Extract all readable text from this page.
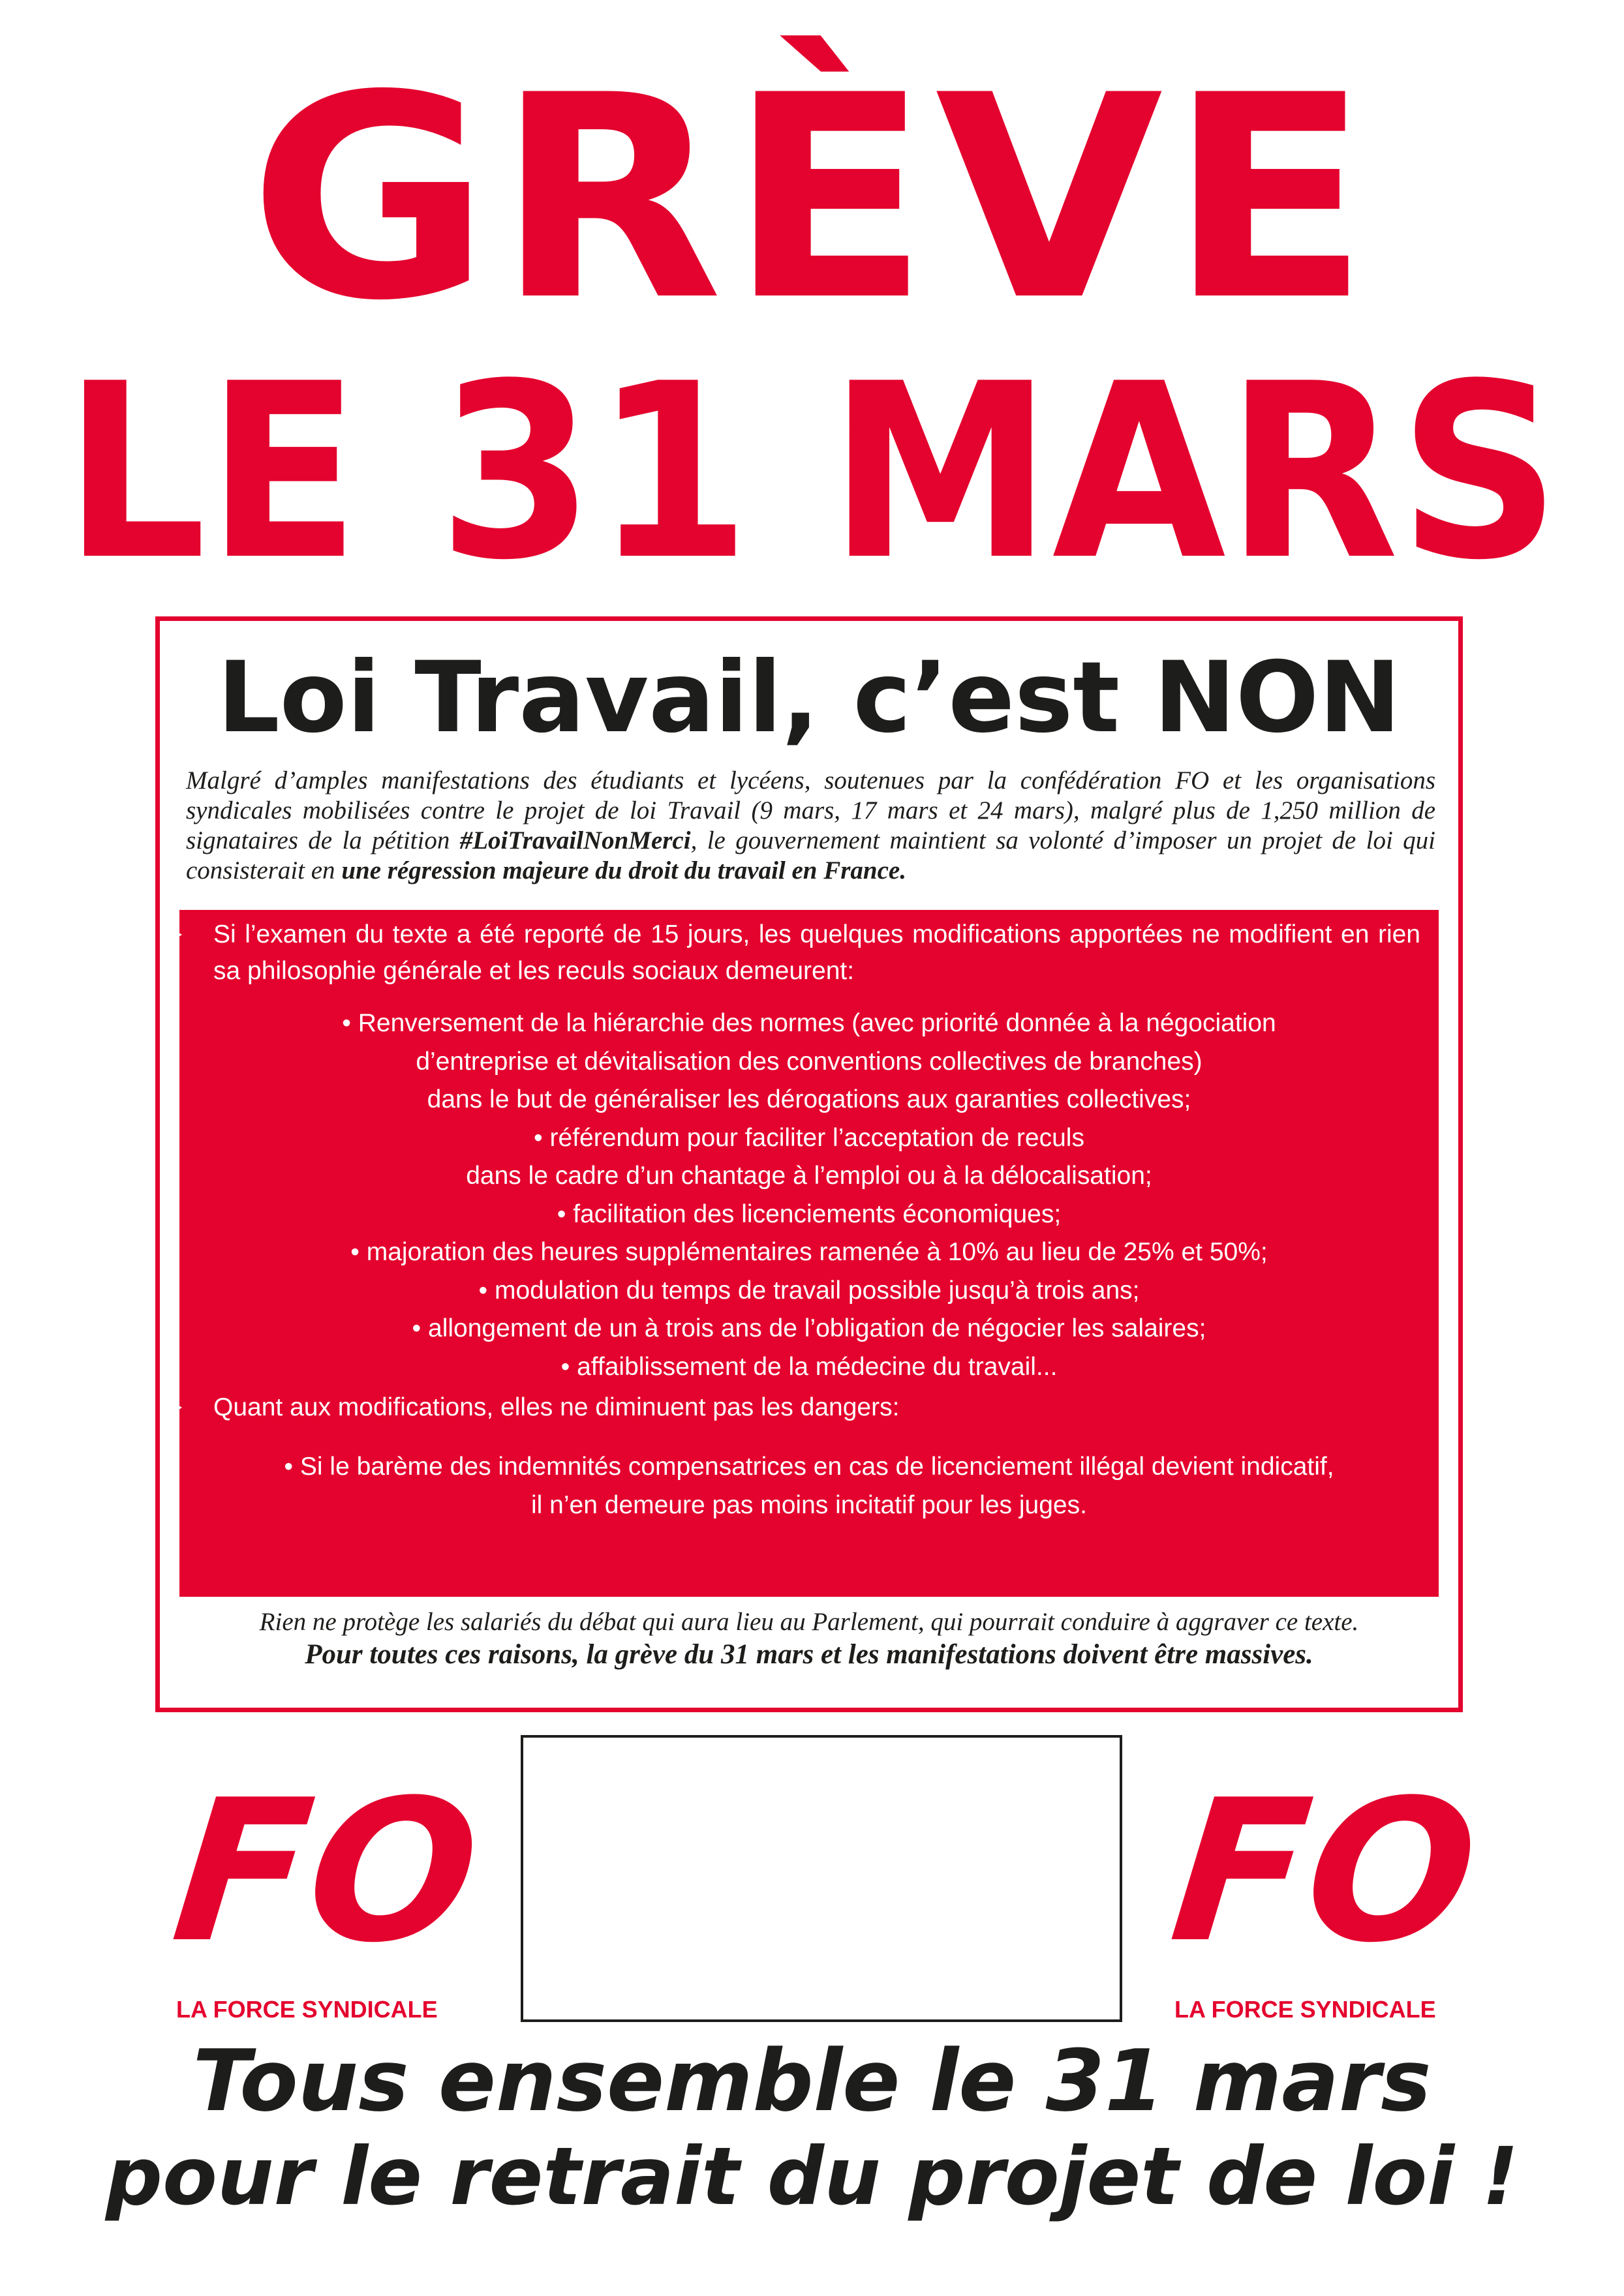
GRÈVE
LE 31 MARS
Loi Travail, c’est NON
Malgré d’amples manifestations des étudiants et lycéens, soutenues par la confédération FO et les organisations syndicales mobilisées contre le projet de loi Travail (9 mars, 17 mars et 24 mars), malgré plus de 1,250 million de signataires de la pétition #LoiTravailNonMerci, le gouvernement maintient sa volonté d’imposer un projet de loi qui consisterait en une régression majeure du droit du travail en France.
Si l’examen du texte a été reporté de 15 jours, les quelques modifications apportées ne modifient en rien sa philosophie générale et les reculs sociaux demeurent:
• Renversement de la hiérarchie des normes (avec priorité donnée à la négociation
d’entreprise et dévitalisation des conventions collectives de branches)
dans le but de généraliser les dérogations aux garanties collectives;
• référendum pour faciliter l’acceptation de reculs
dans le cadre d’un chantage à l’emploi ou à la délocalisation;
• facilitation des licenciements économiques;
• majoration des heures supplémentaires ramenée à 10% au lieu de 25% et 50%;
• modulation du temps de travail possible jusqu’à trois ans;
• allongement de un à trois ans de l’obligation de négocier les salaires;
• affaiblissement de la médecine du travail...
Quant aux modifications, elles ne diminuent pas les dangers:
• Si le barème des indemnités compensatrices en cas de licenciement illégal devient indicatif,
il n’en demeure pas moins incitatif pour les juges.
Rien ne protège les salariés du débat qui aura lieu au Parlement, qui pourrait conduire à aggraver ce texte.
Pour toutes ces raisons, la grève du 31 mars et les manifestations doivent être massives.
FO
LA FORCE SYNDICALE
FO
LA FORCE SYNDICALE
Tous ensemble le 31 mars
pour le retrait du projet de loi !
